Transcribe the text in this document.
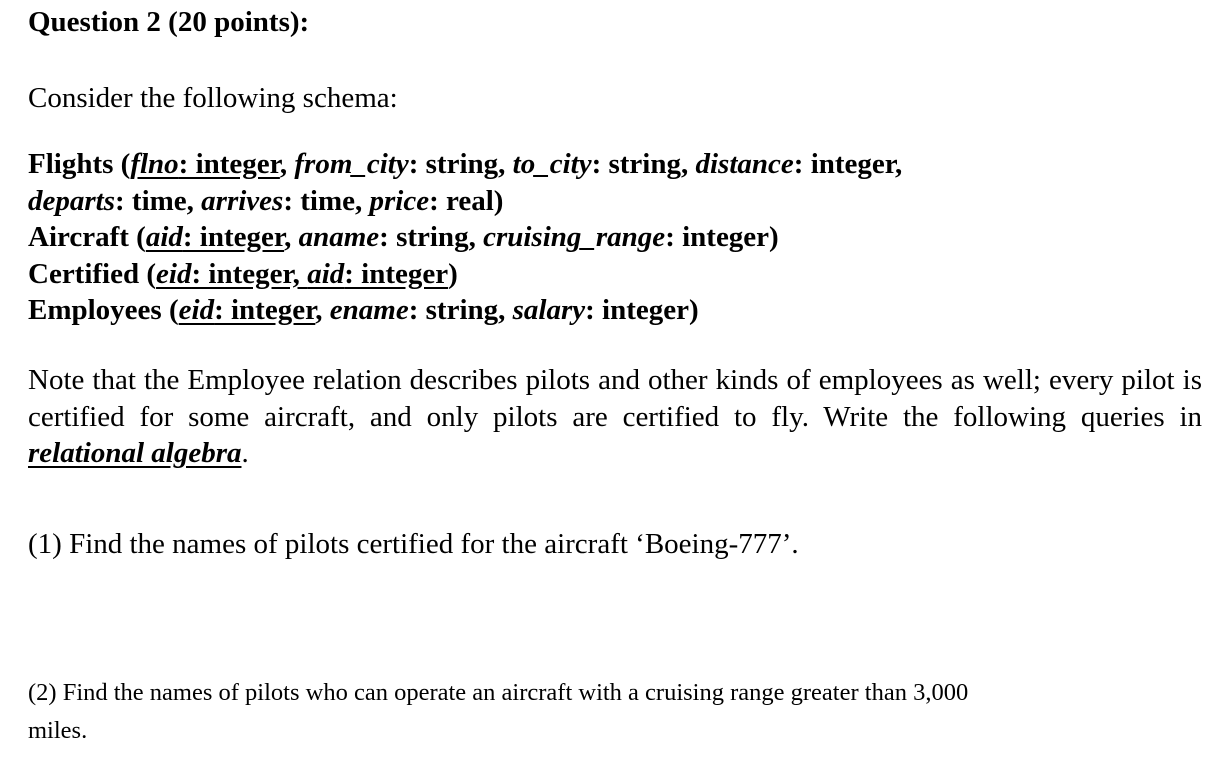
Question 2 (20 points):
Consider the following schema:
Flights (flno: integer, from_city: string, to_city: string, distance: integer,
departs: time, arrives: time, price: real)
Aircraft (aid: integer, aname: string, cruising_range: integer)
Certified (eid: integer, aid: integer)
Employees (eid: integer, ename: string, salary: integer)
Note that the Employee relation describes pilots and other kinds of employees as well; every pilot is certified for some aircraft, and only pilots are certified to fly. Write the following queries in relational algebra.
(1) Find the names of pilots certified for the aircraft ‘Boeing-777’.
(2) Find the names of pilots who can operate an aircraft with a cruising range greater than 3,000 miles.
